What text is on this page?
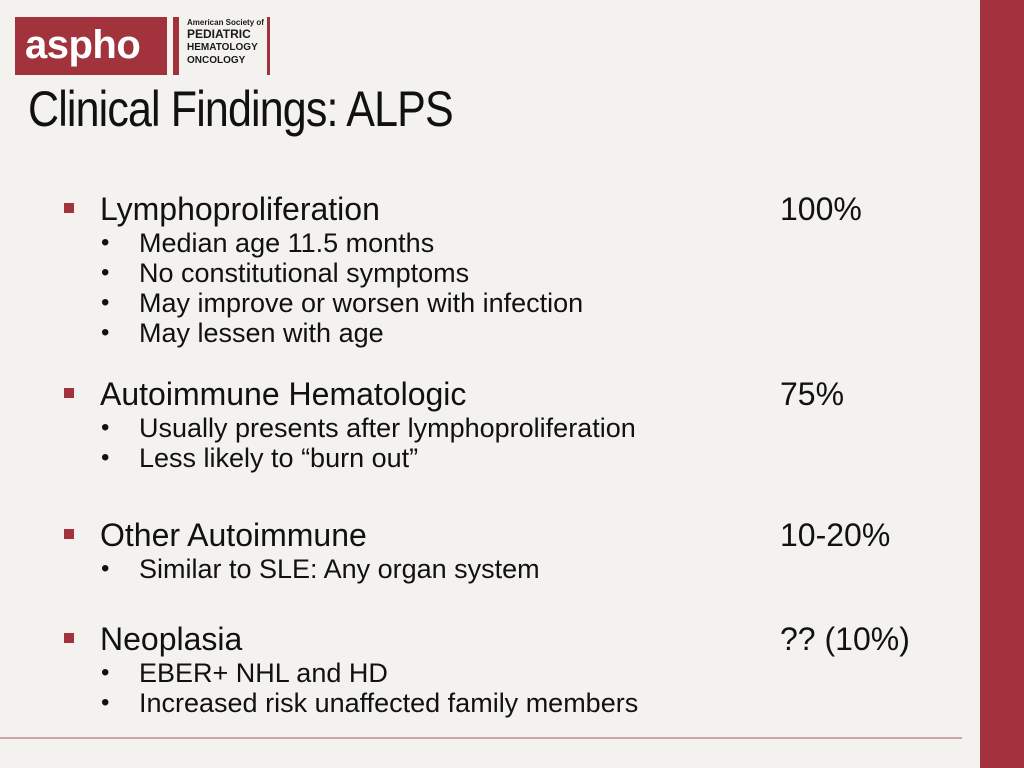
aspho
American Society of
PEDIATRIC
HEMATOLOGY
ONCOLOGY
Clinical Findings: ALPS
Lymphoproliferation	100%
• Median age 11.5 months
• No constitutional symptoms
• May improve or worsen with infection
• May lessen with age
Autoimmune Hematologic	75%
• Usually presents after lymphoproliferation
• Less likely to “burn out”
Other Autoimmune	10-20%
• Similar to SLE: Any organ system
Neoplasia	?? (10%)
• EBER+ NHL and HD
• Increased risk unaffected family members
